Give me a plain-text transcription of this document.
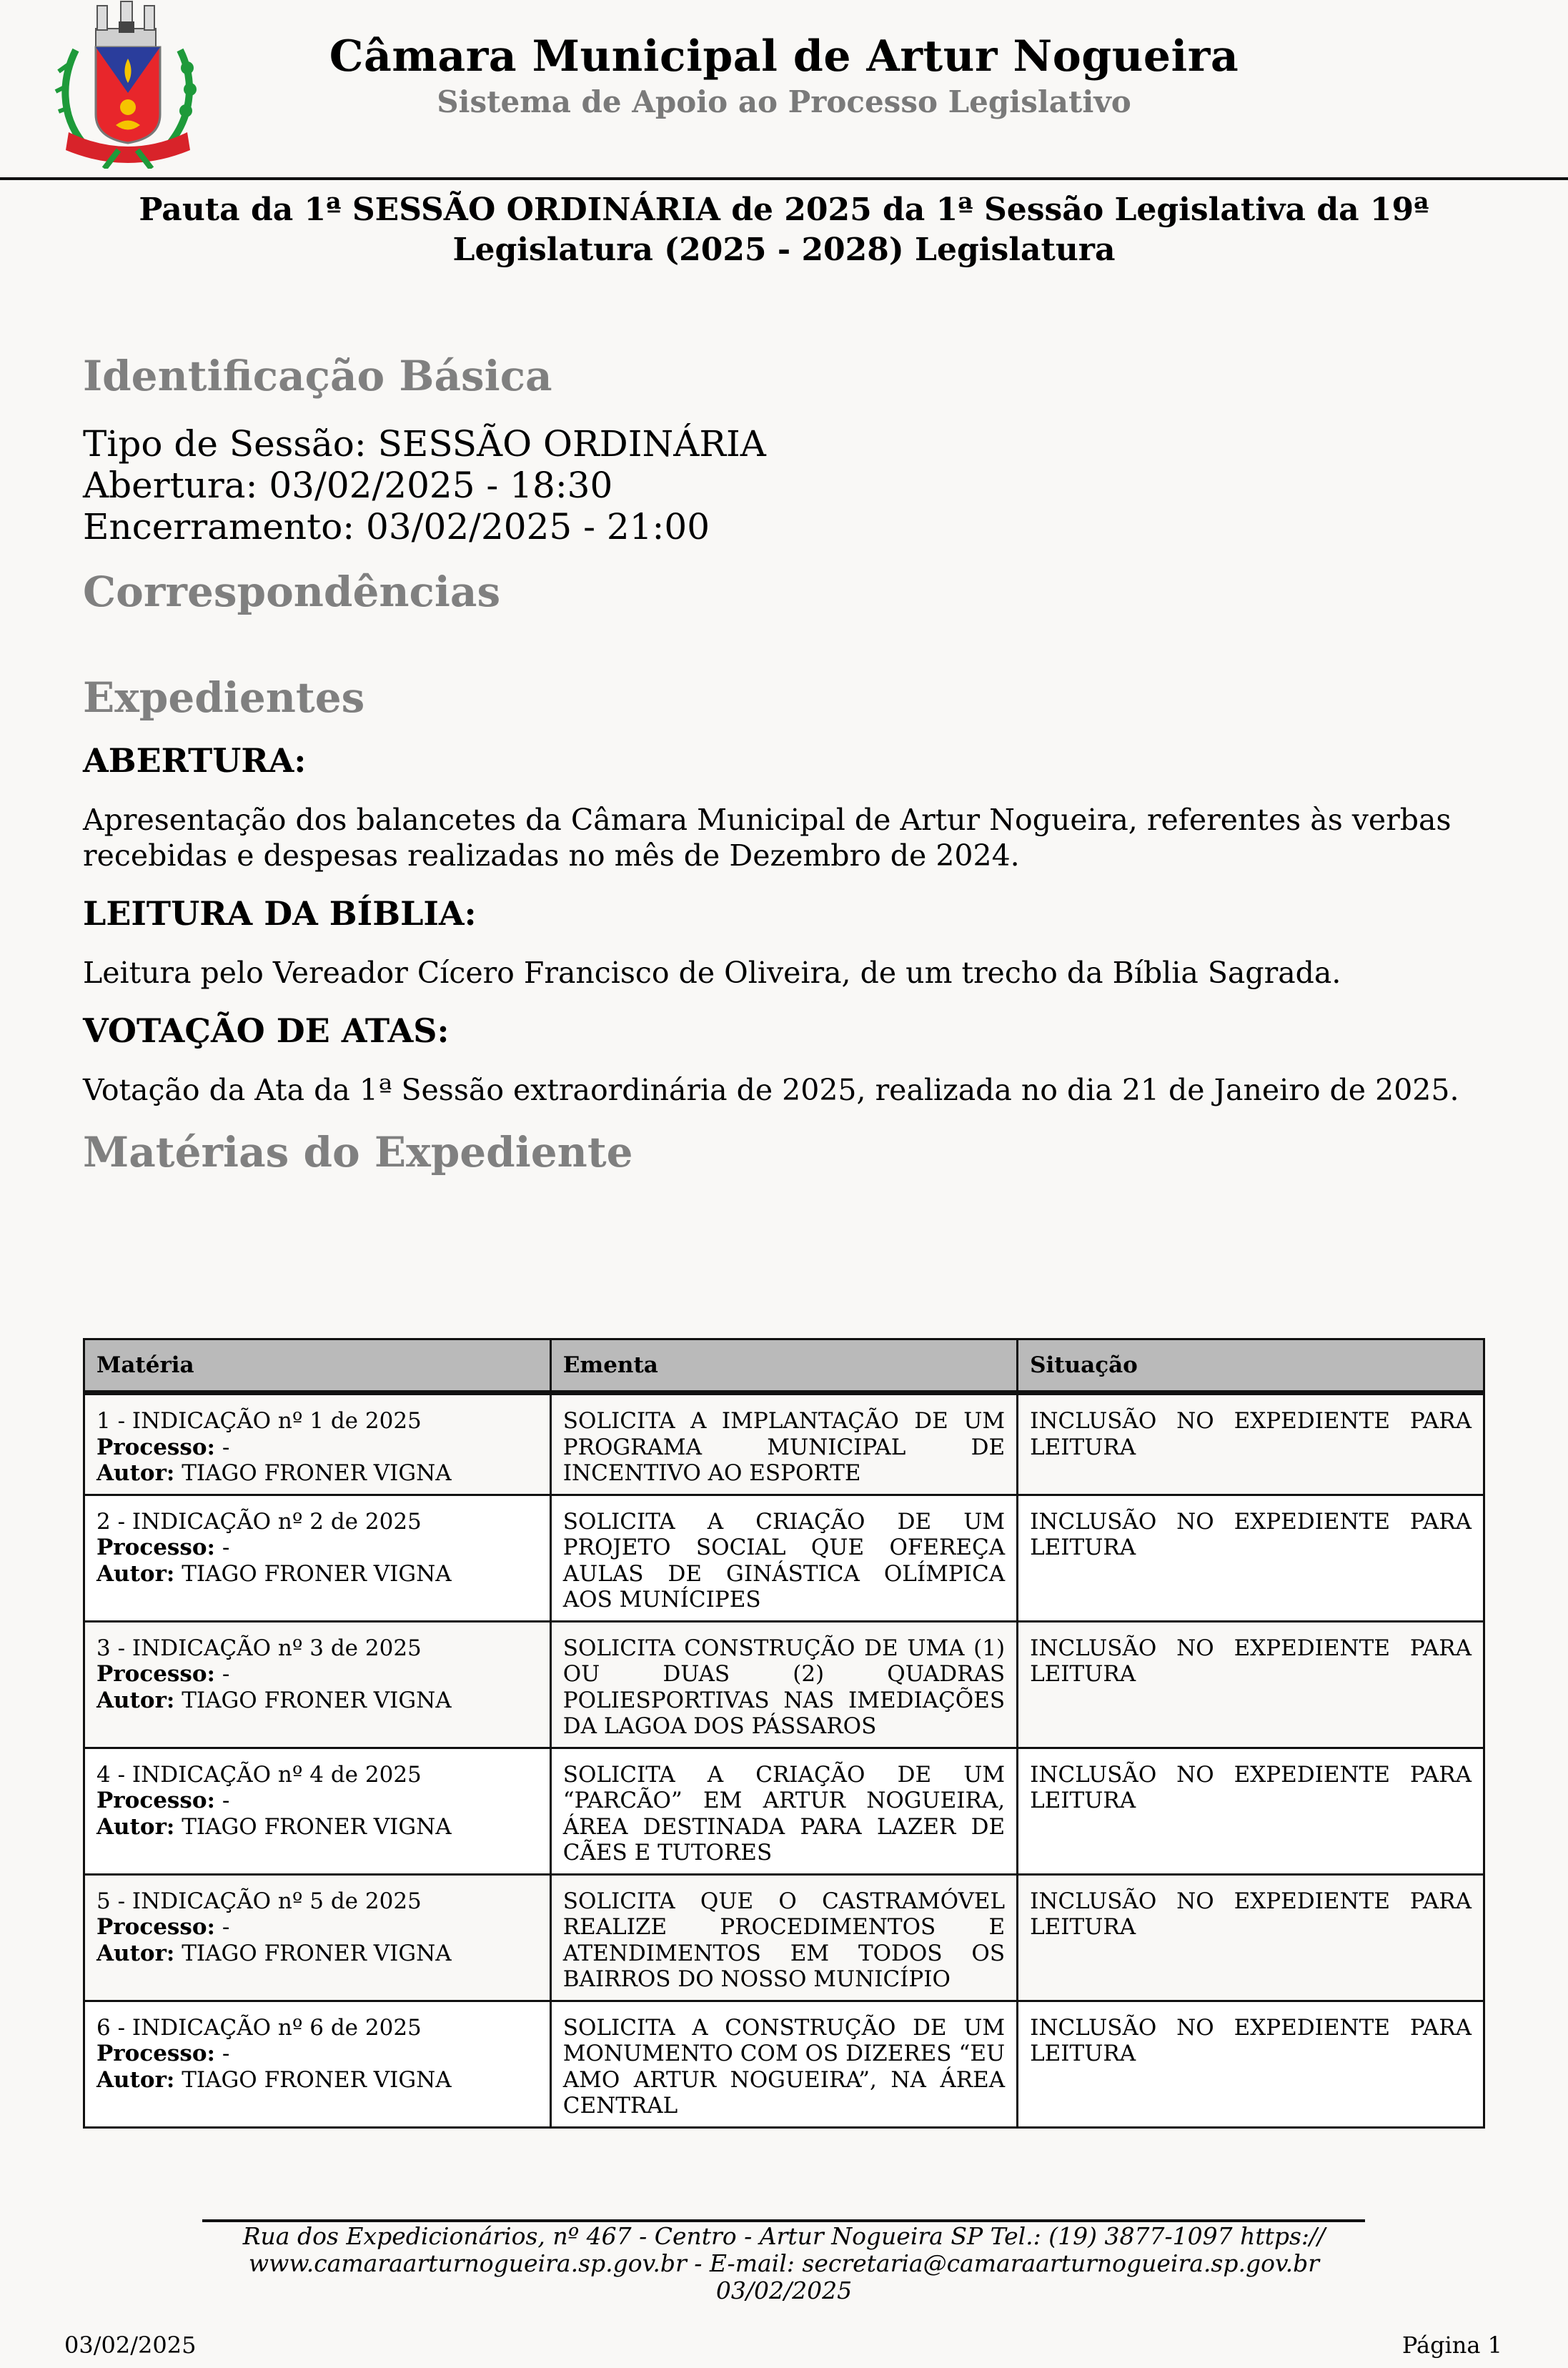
Câmara Municipal de Artur Nogueira
Sistema de Apoio ao Processo Legislativo
Pauta da 1ª SESSÃO ORDINÁRIA de 2025 da 1ª Sessão Legislativa da 19ª
Legislatura (2025 - 2028) Legislatura
Identificação Básica
Tipo de Sessão: SESSÃO ORDINÁRIA
Abertura: 03/02/2025 - 18:30
Encerramento: 03/02/2025 - 21:00
Correspondências
Expedientes
ABERTURA:
Apresentação dos balancetes da Câmara Municipal de Artur Nogueira, referentes às verbas recebidas e despesas realizadas no mês de Dezembro de 2024.
LEITURA DA BÍBLIA:
Leitura pelo Vereador Cícero Francisco de Oliveira, de um trecho da Bíblia Sagrada.
VOTAÇÃO DE ATAS:
Votação da Ata da 1ª Sessão extraordinária de 2025, realizada no dia 21 de Janeiro de 2025.
Matérias do Expediente
Matéria	Ementa	Situação

1 - INDICAÇÃO nº 1 de 2025
Processo: -
Autor: TIAGO FRONER VIGNA	SOLICITA A IMPLANTAÇÃO DE UM PROGRAMA MUNICIPAL DE INCENTIVO AO ESPORTE	INCLUSÃO NO EXPEDIENTE PARA LEITURA

2 - INDICAÇÃO nº 2 de 2025
Processo: -
Autor: TIAGO FRONER VIGNA	SOLICITA A CRIAÇÃO DE UM PROJETO SOCIAL QUE OFEREÇA AULAS DE GINÁSTICA OLÍMPICA AOS MUNÍCIPES	INCLUSÃO NO EXPEDIENTE PARA LEITURA

3 - INDICAÇÃO nº 3 de 2025
Processo: -
Autor: TIAGO FRONER VIGNA	SOLICITA CONSTRUÇÃO DE UMA (1) OU DUAS (2) QUADRAS POLIESPORTIVAS NAS IMEDIAÇÕES DA LAGOA DOS PÁSSAROS	INCLUSÃO NO EXPEDIENTE PARA LEITURA

4 - INDICAÇÃO nº 4 de 2025
Processo: -
Autor: TIAGO FRONER VIGNA	SOLICITA A CRIAÇÃO DE UM “PARCÃO” EM ARTUR NOGUEIRA, ÁREA DESTINADA PARA LAZER DE CÃES E TUTORES	INCLUSÃO NO EXPEDIENTE PARA LEITURA

5 - INDICAÇÃO nº 5 de 2025
Processo: -
Autor: TIAGO FRONER VIGNA	SOLICITA QUE O CASTRAMÓVEL REALIZE PROCEDIMENTOS E ATENDIMENTOS EM TODOS OS BAIRROS DO NOSSO MUNICÍPIO	INCLUSÃO NO EXPEDIENTE PARA LEITURA

6 - INDICAÇÃO nº 6 de 2025
Processo: -
Autor: TIAGO FRONER VIGNA	SOLICITA A CONSTRUÇÃO DE UM MONUMENTO COM OS DIZERES “EU AMO ARTUR NOGUEIRA”, NA ÁREA CENTRAL	INCLUSÃO NO EXPEDIENTE PARA LEITURA
Rua dos Expedicionários, nº 467 - Centro - Artur Nogueira SP Tel.: (19) 3877-1097 https://
www.camaraarturnogueira.sp.gov.br - E-mail: secretaria@camaraarturnogueira.sp.gov.br
03/02/2025
03/02/2025	Página 1
